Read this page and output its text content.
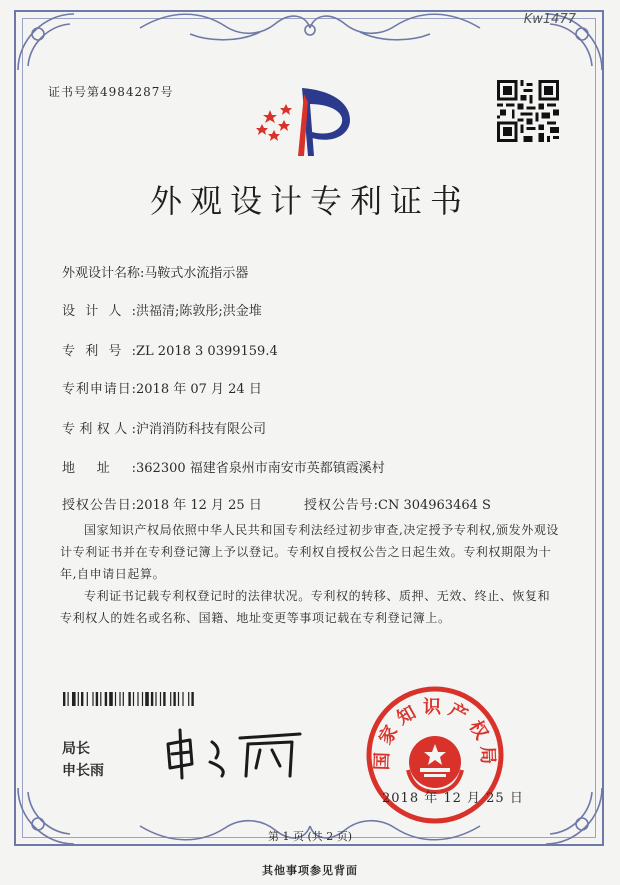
Kw1477
证书号第4984287号
外观设计专利证书
外观设计名称:马鞍式水流指示器
设计人:洪福清;陈敦彤;洪金堆
专利号:ZL 2018 3 0399159.4
专利申请日:2018 年 07 月 24 日
专利权人:沪消消防科技有限公司
地址:362300 福建省泉州市南安市英都镇霞溪村
授权公告日:2018 年 12 月 25 日	授权公告号:CN 304963464 S

国家知识产权局依照中华人民共和国专利法经过初步审查,决定授予专利权,颁发外观设计专利证书并在专利登记簿上予以登记。专利权自授权公告之日起生效。专利权期限为十年,自申请日起算。

专利证书记载专利权登记时的法律状况。专利权的转移、质押、无效、终止、恢复和专利权人的姓名或名称、国籍、地址变更等事项记载在专利登记簿上。

局长
申长雨
国家知识产权局
2018 年 12 月 25 日
第 1 页 (共 2 页)
其他事项参见背面
